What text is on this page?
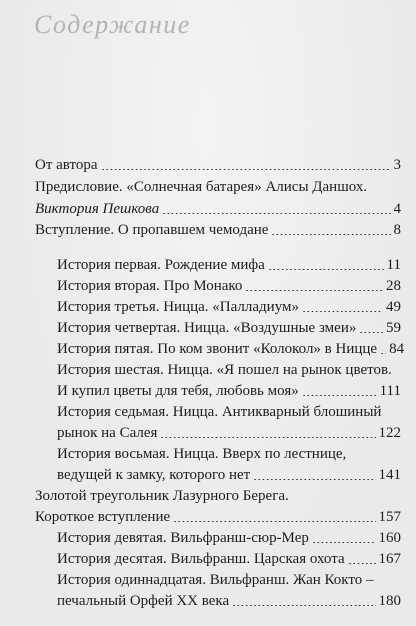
Содержание
От автора	3
Предисловие. «Солнечная батарея» Алисы Даншох.
Виктория Пешкова	4
Вступление. О пропавшем чемодане	8
История первая. Рождение мифа	11
История вторая. Про Монако	28
История третья. Ницца. «Палладиум»	49
История четвертая. Ницца. «Воздушные змеи» 59
История пятая. По ком звонит «Колокол» в Ницце 84
История шестая. Ницца. «Я пошел на рынок цветов.
И купил цветы для тебя, любовь моя»	111
История седьмая. Ницца. Антикварный блошиный
рынок на Салея	122
История восьмая. Ницца. Вверх по лестнице,
ведущей к замку, которого нет	141
Золотой треугольник Лазурного Берега.
Короткое вступление	157
История девятая. Вильфранш-сюр-Мер	160
История десятая. Вильфранш. Царская охота 167
История одиннадцатая. Вильфранш. Жан Кокто –
печальный Орфей XX века	180
